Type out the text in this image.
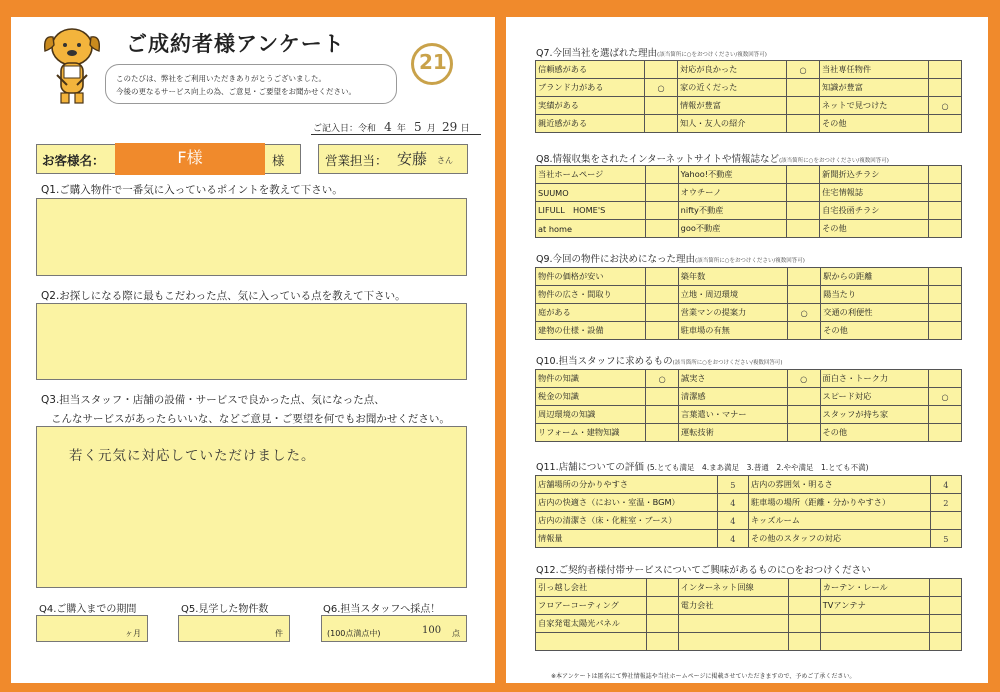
ご成約者様アンケート
このたびは、弊社をご利用いただきありがとうございました。
今後の更なるサービス向上の為、ご意見・ご要望をお聞かせください。
21
ご記入日：令和 4 年 5 月 29 日
お客様名：	F様	様	営業担当： 安藤 さん
Q1.ご購入物件で一番気に入っているポイントを教えて下さい。
Q2.お探しになる際に最もこだわった点、気に入っている点を教えて下さい。
Q3.担当スタッフ・店舗の設備・サービスで良かった点、気になった点、
こんなサービスがあったらいいな、などご意見・ご要望を何でもお聞かせください。
若く元気に対応していただけました。
Q4.ご購入までの期間
ヶ月
Q5.見学した物件数
件
Q6.担当スタッフへ採点！
(100点満点中)	100 点
Q7.今回当社を選ばれた理由(該当箇所に○をおつけください/複数回答可)
信頼感がある		対応が良かった	○	当社専任物件	
ブランド力がある	○	家の近くだった		知識が豊富	
実績がある		情報が豊富		ネットで見つけた	○
親近感がある		知人・友人の紹介		その他	
Q8.情報収集をされたインターネットサイトや情報誌など(該当箇所に○をおつけください/複数回答可)
当社ホームページ		Yahoo!不動産		新聞折込チラシ	
SUUMO		オウチーノ		住宅情報誌	
LIFULL　HOME'S		nifty不動産		自宅投函チラシ	
at home		goo不動産		その他	
Q9.今回の物件にお決めになった理由(該当箇所に○をおつけください/複数回答可)
物件の価格が安い		築年数		駅からの距離	
物件の広さ・間取り		立地・周辺環境		陽当たり	
庭がある		営業マンの提案力	○	交通の利便性	
建物の仕様・設備		駐車場の有無		その他	
Q10.担当スタッフに求めるもの(該当箇所に○をおつけください/複数回答可)
物件の知識	○	誠実さ	○	面白さ・トーク力	
税金の知識		清潔感		スピード対応	○
周辺環境の知識		言葉遣い・マナー		スタッフが持ち家	
リフォーム・建物知識		運転技術		その他	
Q11.店舗についての評価 (5.とても満足　4.まあ満足　3.普通　2.やや満足　1.とても不満)
店舗場所の分かりやすさ	5	店内の雰囲気・明るさ	4
店内の快適さ（におい・室温・BGM）	4	駐車場の場所（距離・分かりやすさ）	2
店内の清潔さ（床・化粧室・ブース）	4	キッズルーム	
情報量	4	その他のスタッフの対応	5
Q12.ご契約者様付帯サービスについてご興味があるものに○をおつけください
引っ越し会社		インターネット回線		カーテン・レール	
フロアーコーティング		電力会社		TVアンテナ	
自家発電太陽光パネル					

※本アンケートは匿名にて弊社情報誌や当社ホームページに掲載させていただきますので、予めご了承ください。
